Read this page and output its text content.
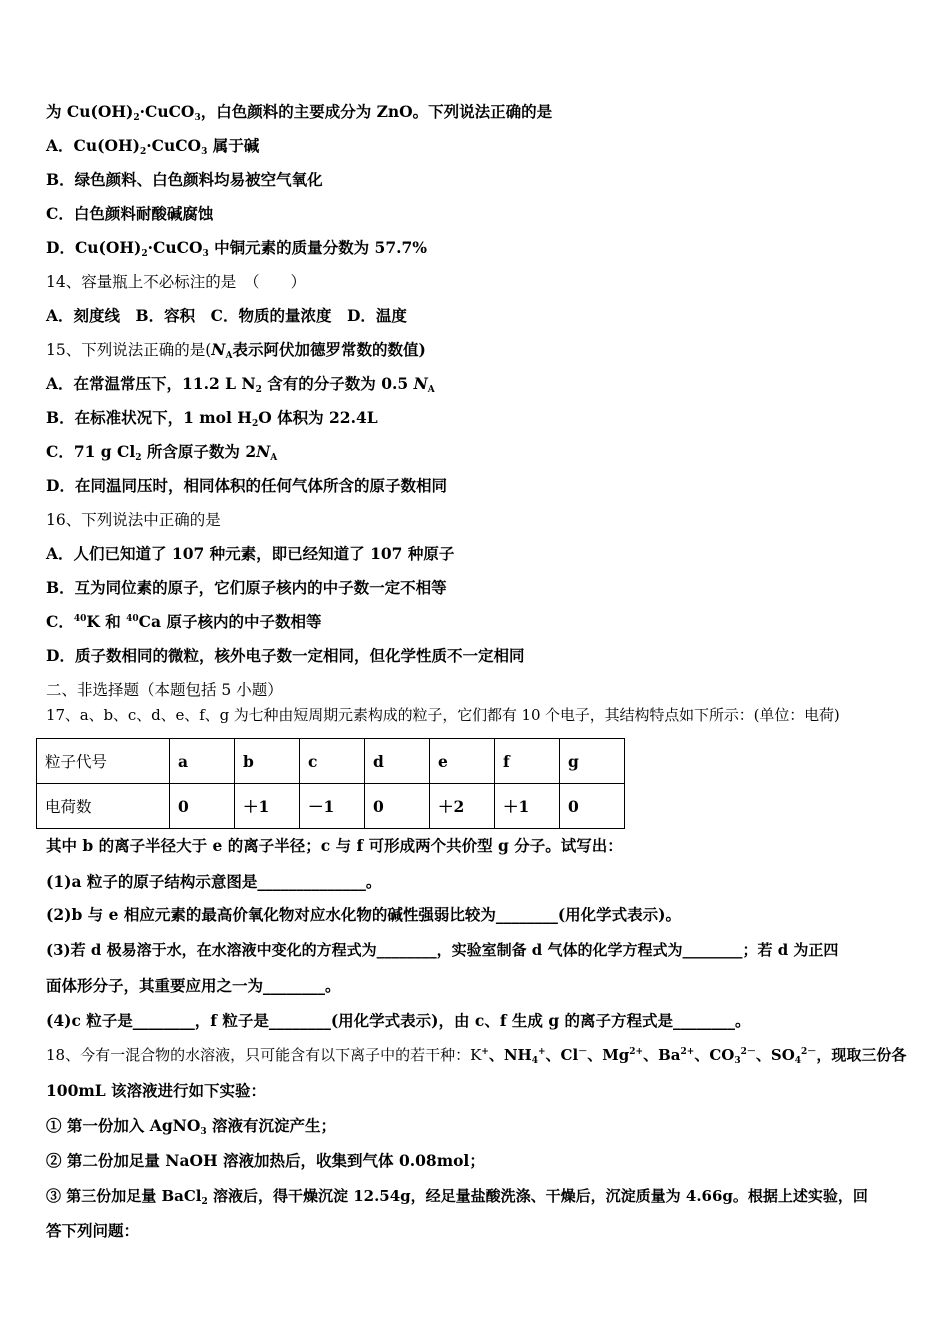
为 $Cu(OH)_2\cdot CuCO_3$，白色颜料的主要成分为 ZnO。下列说法正确的是
A．$Cu(OH)_2\cdot CuCO_3$ 属于碱
B．绿色颜料、白色颜料均易被空气氧化
C．白色颜料耐酸碱腐蚀
D．$Cu(OH)_2\cdot CuCO_3$ 中铜元素的质量分数为 57.7%
14、容量瓶上不必标注的是　（　　）
A．刻度线　B．容积　C．物质的量浓度　D．温度
15、下列说法正确的是($N_A$表示阿伏加德罗常数的数值)
A．在常温常压下，11.2 L $N_2$ 含有的分子数为 0.5 $N_A$
B．在标准状况下，1 mol $H_2O$ 体积为 22.4L
C．71 g $Cl_2$ 所含原子数为 $2N_A$
D．在同温同压时，相同体积的任何气体所含的原子数相同
16、下列说法中正确的是
A．人们已知道了 107 种元素，即已经知道了 107 种原子
B．互为同位素的原子，它们原子核内的中子数一定不相等
C．$^{40}$K 和 $^{40}$Ca 原子核内的中子数相等
D．质子数相同的微粒，核外电子数一定相同，但化学性质不一定相同
二、非选择题（本题包括 5 小题）
17、a、b、c、d、e、f、g 为七种由短周期元素构成的粒子，它们都有 10 个电子，其结构特点如下所示：(单位：电荷)
粒子代号	a	b	c	d	e	f	g
电荷数	0	＋1	－1	0	＋2	＋1	0
其中 b 的离子半径大于 e 的离子半径；c 与 f 可形成两个共价型 g 分子。试写出：
(1)a 粒子的原子结构示意图是______________。
(2)b 与 e 相应元素的最高价氧化物对应水化物的碱性强弱比较为________(用化学式表示)。
(3)若 d 极易溶于水，在水溶液中变化的方程式为________，实验室制备 d 气体的化学方程式为________；若 d 为正四
面体形分子，其重要应用之一为________。
(4)c 粒子是________，f 粒子是________(用化学式表示)，由 c、f 生成 g 的离子方程式是________。
18、今有一混合物的水溶液，只可能含有以下离子中的若干种：K+、$NH_4^+$、Cl－、$Mg^{2+}$、$Ba^{2+}$、$CO_3^{2-}$、$SO_4^{2-}$，现取三份各
100mL 该溶液进行如下实验：
① 第一份加入 AgNO$_3$ 溶液有沉淀产生；
② 第二份加足量 NaOH 溶液加热后，收集到气体 0.08mol；
③ 第三份加足量 BaCl$_2$ 溶液后，得干燥沉淀 12.54g，经足量盐酸洗涤、干燥后，沉淀质量为 4.66g。根据上述实验，回
答下列问题：
